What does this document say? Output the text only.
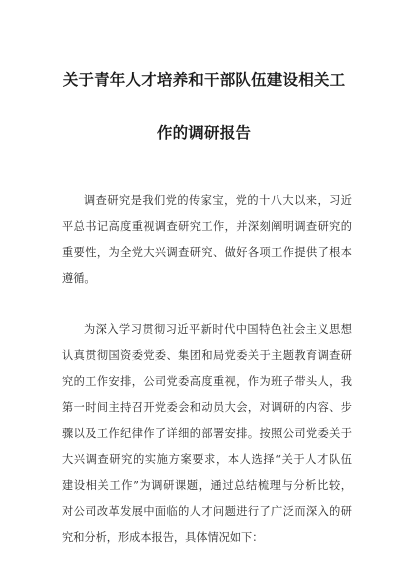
关于青年人才培养和干部队伍建设相关工
作的调研报告
调查研究是我们党的传家宝，党的十八大以来，习近
平总书记高度重视调查研究工作，并深刻阐明调查研究的
重要性，为全党大兴调查研究、做好各项工作提供了根本
遵循。
为深入学习贯彻习近平新时代中国特色社会主义思想
认真贯彻国资委党委、集团和局党委关于主题教育调查研
究的工作安排，公司党委高度重视，作为班子带头人，我
第一时间主持召开党委会和动员大会，对调研的内容、步
骤以及工作纪律作了详细的部署安排。按照公司党委关于
大兴调查研究的实施方案要求，本人选择“关于人才队伍
建设相关工作”为调研课题，通过总结梳理与分析比较，
对公司改革发展中面临的人才问题进行了广泛而深入的研
究和分析，形成本报告，具体情况如下：
